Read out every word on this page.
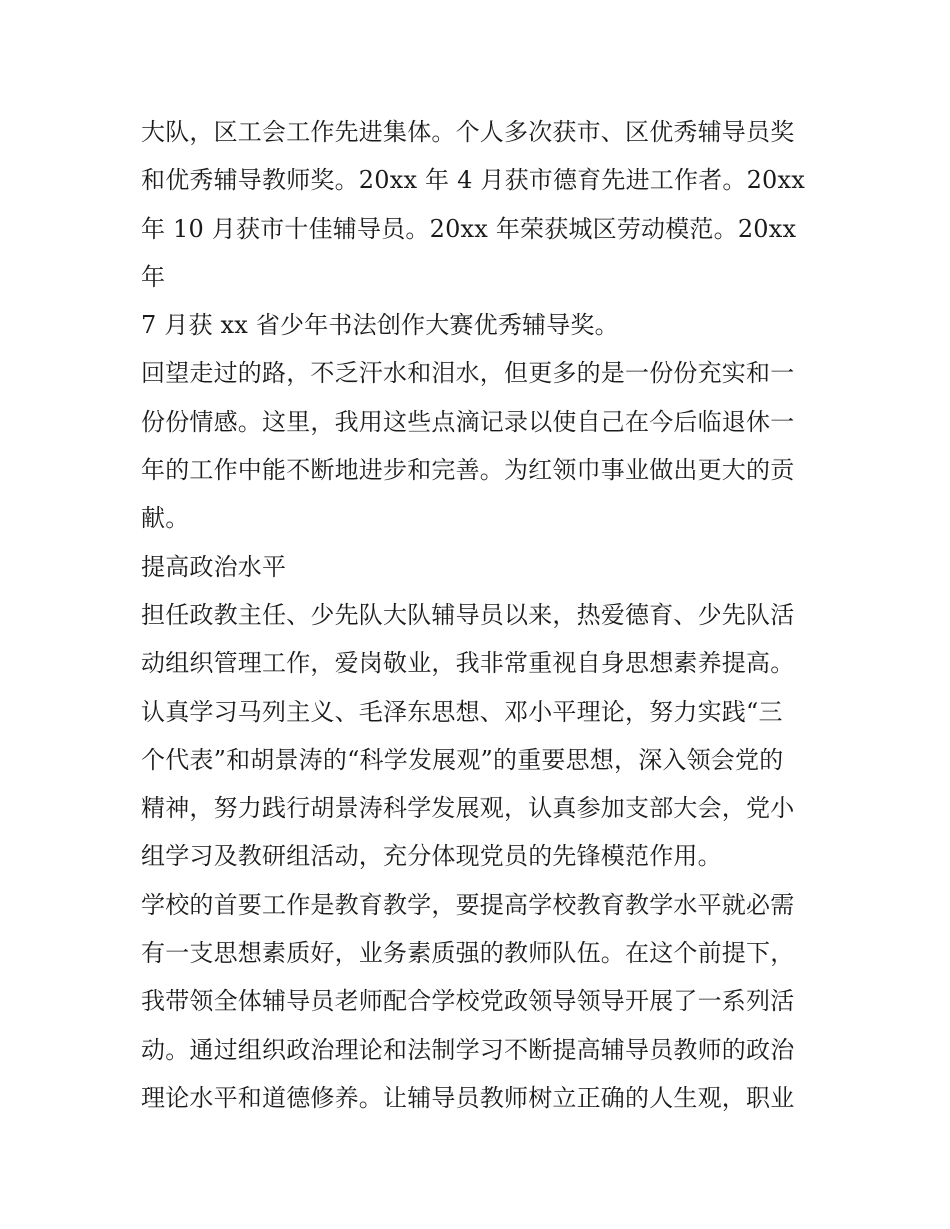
大队，区工会工作先进集体。个人多次获市、区优秀辅导员奖
和优秀辅导教师奖。20xx 年 4 月获市德育先进工作者。20xx
年 10 月获市十佳辅导员。20xx 年荣获城区劳动模范。20xx 年
7 月获 xx 省少年书法创作大赛优秀辅导奖。

回望走过的路，不乏汗水和泪水，但更多的是一份份充实和一
份份情感。这里，我用这些点滴记录以使自己在今后临退休一
年的工作中能不断地进步和完善。为红领巾事业做出更大的贡
献。

提高政治水平

担任政教主任、少先队大队辅导员以来，热爱德育、少先队活
动组织管理工作，爱岗敬业，我非常重视自身思想素养提高。
认真学习马列主义、毛泽东思想、邓小平理论，努力实践“三
个代表”和胡景涛的“科学发展观”的重要思想，深入领会党的
精神，努力践行胡景涛科学发展观，认真参加支部大会，党小
组学习及教研组活动，充分体现党员的先锋模范作用。

学校的首要工作是教育教学，要提高学校教育教学水平就必需
有一支思想素质好，业务素质强的教师队伍。在这个前提下，
我带领全体辅导员老师配合学校党政领导领导开展了一系列活
动。通过组织政治理论和法制学习不断提高辅导员教师的政治
理论水平和道德修养。让辅导员教师树立正确的人生观，职业
